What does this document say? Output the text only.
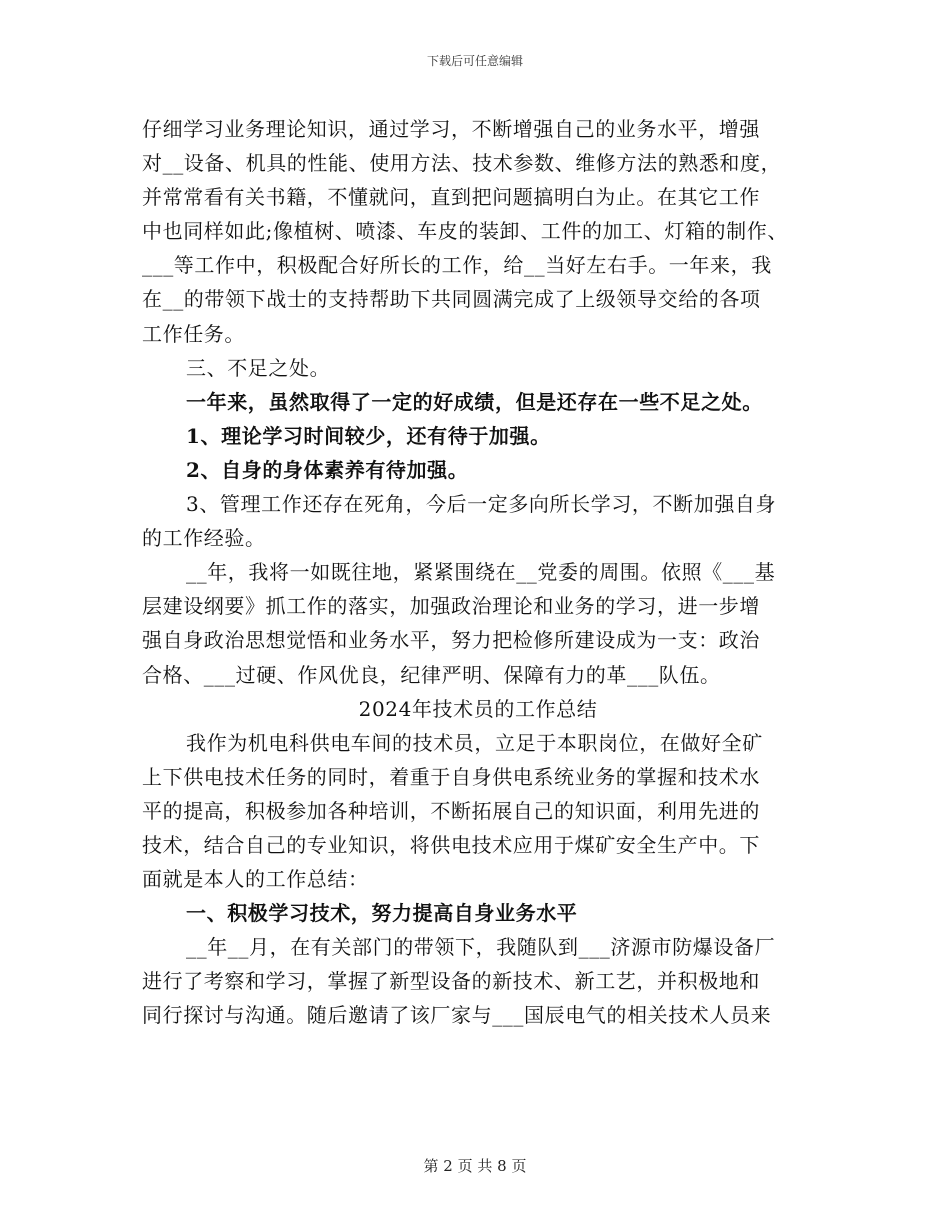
下载后可任意编辑
仔细学习业务理论知识，通过学习，不断增强自己的业务水平，增强
对__设备、机具的性能、使用方法、技术参数、维修方法的熟悉和度，
并常常看有关书籍，不懂就问，直到把问题搞明白为止。在其它工作
中也同样如此;像植树、喷漆、车皮的装卸、工件的加工、灯箱的制作、
___等工作中，积极配合好所长的工作，给__当好左右手。一年来，我
在__的带领下战士的支持帮助下共同圆满完成了上级领导交给的各项
工作任务。
三、不足之处。
一年来，虽然取得了一定的好成绩，但是还存在一些不足之处。
1、理论学习时间较少，还有待于加强。
2、自身的身体素养有待加强。
3、管理工作还存在死角，今后一定多向所长学习，不断加强自身
的工作经验。
__年，我将一如既往地，紧紧围绕在__党委的周围。依照《___基
层建设纲要》抓工作的落实，加强政治理论和业务的学习，进一步增
强自身政治思想觉悟和业务水平，努力把检修所建设成为一支：政治
合格、___过硬、作风优良，纪律严明、保障有力的革___队伍。
2024年技术员的工作总结
我作为机电科供电车间的技术员，立足于本职岗位，在做好全矿
上下供电技术任务的同时，着重于自身供电系统业务的掌握和技术水
平的提高，积极参加各种培训，不断拓展自己的知识面，利用先进的
技术，结合自己的专业知识，将供电技术应用于煤矿安全生产中。下
面就是本人的工作总结：
一、积极学习技术，努力提高自身业务水平
__年__月，在有关部门的带领下，我随队到___济源市防爆设备厂
进行了考察和学习，掌握了新型设备的新技术、新工艺，并积极地和
同行探讨与沟通。随后邀请了该厂家与___国辰电气的相关技术人员来
第 2 页 共 8 页
